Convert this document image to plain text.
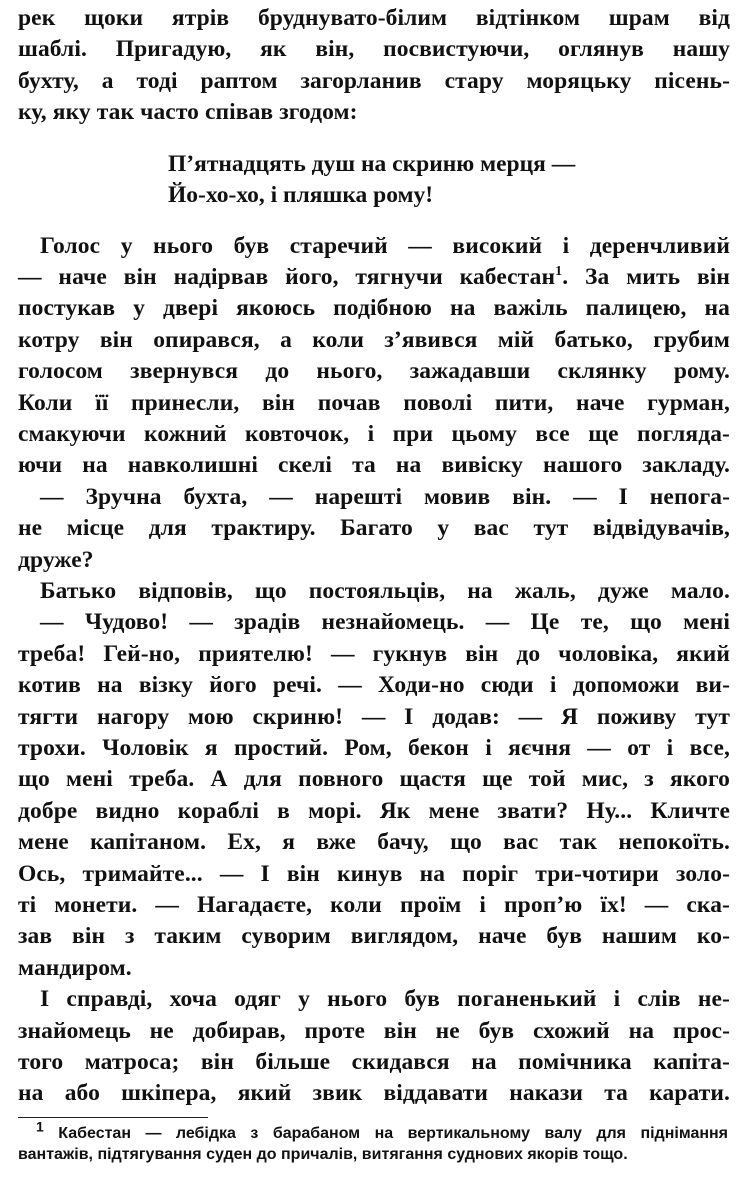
рек щоки ятрів бруднувато-білим відтінком шрам від
шаблі. Пригадую, як він, посвистуючи, оглянув нашу
бухту, а тоді раптом загорланив стару моряцьку пісень-
ку, яку так часто співав згодом:
П’ятнадцять душ на скриню мерця —
Йо-хо-хо, і пляшка рому!
Голос у нього був старечий — високий і деренчливий
— наче він надірвав його, тягнучи кабестан$^1$. За мить він
постукав у двері якоюсь подібною на важіль палицею, на
котру він опирався, а коли з’явився мій батько, грубим
голосом звернувся до нього, зажадавши склянку рому.
Коли її принесли, він почав поволі пити, наче гурман,
смакуючи кожний ковточок, і при цьому все ще погляда-
ючи на навколишні скелі та на вивіску нашого закладу.
— Зручна бухта, — нарешті мовив він. — І непога-
не місце для трактиру. Багато у вас тут відвідувачів,
друже?
Батько відповів, що постояльців, на жаль, дуже мало.
— Чудово! — зрадів незнайомець. — Це те, що мені
треба! Гей-но, приятелю! — гукнув він до чоловіка, який
котив на візку його речі. — Ходи-но сюди і допоможи ви-
тягти нагору мою скриню! — І додав: — Я поживу тут
трохи. Чоловік я простий. Ром, бекон і яєчня — от і все,
що мені треба. А для повного щастя ще той мис, з якого
добре видно кораблі в морі. Як мене звати? Ну... Кличте
мене капітаном. Ех, я вже бачу, що вас так непокоїть.
Ось, тримайте... — І він кинув на поріг три-чотири золо-
ті монети. — Нагадаєте, коли проїм і проп’ю їх! — ска-
зав він з таким суворим виглядом, наче був нашим ко-
мандиром.
І справді, хоча одяг у нього був поганенький і слів не-
знайомець не добирав, проте він не був схожий на прос-
того матроса; він більше скидався на помічника капіта-
на або шкіпера, який звик віддавати накази та карати.
$^1$ Кабестан — лебідка з барабаном на вертикальному валу для піднімання
вантажів, підтягування суден до причалів, витягання суднових якорів тощо.
